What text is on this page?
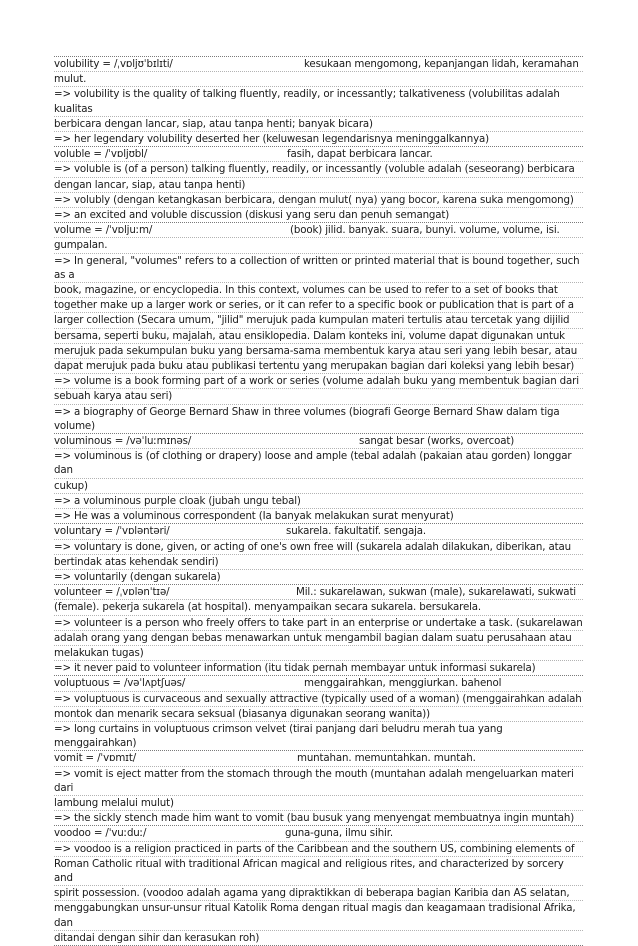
volubility = /ˌvɒljʊˈbɪlɪti/	kesukaan mengomong, kepanjangan lidah, keramahan
mulut.
=> volubility is the quality of talking fluently, readily, or incessantly; talkativeness (volubilitas adalah kualitas
berbicara dengan lancar, siap, atau tanpa henti; banyak bicara)
=> her legendary volubility deserted her (keluwesan legendarisnya meninggalkannya)
voluble = /ˈvɒljʊbl/	fasih, dapat berbicara lancar.
=> voluble is (of a person) talking fluently, readily, or incessantly (voluble adalah (seseorang) berbicara
dengan lancar, siap, atau tanpa henti)
=> volubly (dengan ketangkasan berbicara, dengan mulut( nya) yang bocor, karena suka mengomong)
=> an excited and voluble discussion (diskusi yang seru dan penuh semangat)
volume = /ˈvɒljuːm/	(book) jilid. banyak. suara, bunyi. volume, volume, isi.
gumpalan.
=> In general, "volumes" refers to a collection of written or printed material that is bound together, such as a
book, magazine, or encyclopedia. In this context, volumes can be used to refer to a set of books that
together make up a larger work or series, or it can refer to a specific book or publication that is part of a
larger collection (Secara umum, "jilid" merujuk pada kumpulan materi tertulis atau tercetak yang dijilid
bersama, seperti buku, majalah, atau ensiklopedia. Dalam konteks ini, volume dapat digunakan untuk
merujuk pada sekumpulan buku yang bersama-sama membentuk karya atau seri yang lebih besar, atau
dapat merujuk pada buku atau publikasi tertentu yang merupakan bagian dari koleksi yang lebih besar)
=> volume is a book forming part of a work or series (volume adalah buku yang membentuk bagian dari
sebuah karya atau seri)
=> a biography of George Bernard Shaw in three volumes (biografi George Bernard Shaw dalam tiga volume)
voluminous = /vəˈluːmɪnəs/	sangat besar (works, overcoat)
=> voluminous is (of clothing or drapery) loose and ample (tebal adalah (pakaian atau gorden) longgar dan
cukup)
=> a voluminous purple cloak (jubah ungu tebal)
=> He was a voluminous correspondent (Ia banyak melakukan surat menyurat)
voluntary = /ˈvɒləntəri/	sukarela. fakultatif. sengaja.
=> voluntary is done, given, or acting of one's own free will (sukarela adalah dilakukan, diberikan, atau
bertindak atas kehendak sendiri)
=> voluntarily (dengan sukarela)
volunteer = /ˌvɒlənˈtɪə/	Mil.: sukarelawan, sukwan (male), sukarelawati, sukwati
(female). pekerja sukarela (at hospital). menyampaikan secara sukarela. bersukarela.
=> volunteer is a person who freely offers to take part in an enterprise or undertake a task. (sukarelawan
adalah orang yang dengan bebas menawarkan untuk mengambil bagian dalam suatu perusahaan atau
melakukan tugas)
=> it never paid to volunteer information (itu tidak pernah membayar untuk informasi sukarela)
voluptuous = /vəˈlʌptʃuəs/	menggairahkan, menggiurkan. bahenol
=> voluptuous is curvaceous and sexually attractive (typically used of a woman) (menggairahkan adalah
montok dan menarik secara seksual (biasanya digunakan seorang wanita))
=> long curtains in voluptuous crimson velvet (tirai panjang dari beludru merah tua yang menggairahkan)
vomit = /ˈvɒmɪt/	muntahan. memuntahkan. muntah.
=> vomit is eject matter from the stomach through the mouth (muntahan adalah mengeluarkan materi dari
lambung melalui mulut)
=> the sickly stench made him want to vomit (bau busuk yang menyengat membuatnya ingin muntah)
voodoo = /ˈvuːduː/	guna-guna, ilmu sihir.
=> voodoo is a religion practiced in parts of the Caribbean and the southern US, combining elements of
Roman Catholic ritual with traditional African magical and religious rites, and characterized by sorcery and
spirit possession. (voodoo adalah agama yang dipraktikkan di beberapa bagian Karibia dan AS selatan,
menggabungkan unsur-unsur ritual Katolik Roma dengan ritual magis dan keagamaan tradisional Afrika, dan
ditandai dengan sihir dan kerasukan roh)
